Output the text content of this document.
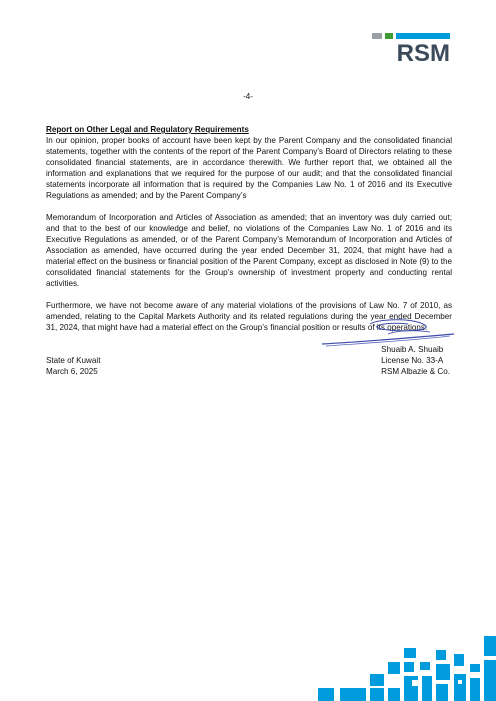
RSM
-4-
Report on Other Legal and Regulatory Requirements

In our opinion, proper books of account have been kept by the Parent Company and the consolidated financial statements, together with the contents of the report of the Parent Company’s Board of Directors relating to these consolidated financial statements, are in accordance therewith. We further report that, we obtained all the information and explanations that we required for the purpose of our audit; and that the consolidated financial statements incorporate all information that is required by the Companies Law No. 1 of 2016 and its Executive Regulations as amended; and by the Parent Company’s

Memorandum of Incorporation and Articles of Association as amended; that an inventory was duly carried out; and that to the best of our knowledge and belief, no violations of the Companies Law No. 1 of 2016 and its Executive Regulations as amended, or of the Parent Company’s Memorandum of Incorporation and Articles of Association as amended, have occurred during the year ended December 31, 2024, that might have had a material effect on the business or financial position of the Parent Company, except as disclosed in Note (9) to the consolidated financial statements for the Group’s ownership of investment property and conducting rental activities.

Furthermore, we have not become aware of any material violations of the provisions of Law No. 7 of 2010, as amended, relating to the Capital Markets Authority and its related regulations during the year ended December 31, 2024, that might have had a material effect on the Group’s financial position or results of its operations.

Shuaib A. Shuaib
License No. 33-A
RSM Albazie & Co.
State of Kuwait
March 6, 2025
